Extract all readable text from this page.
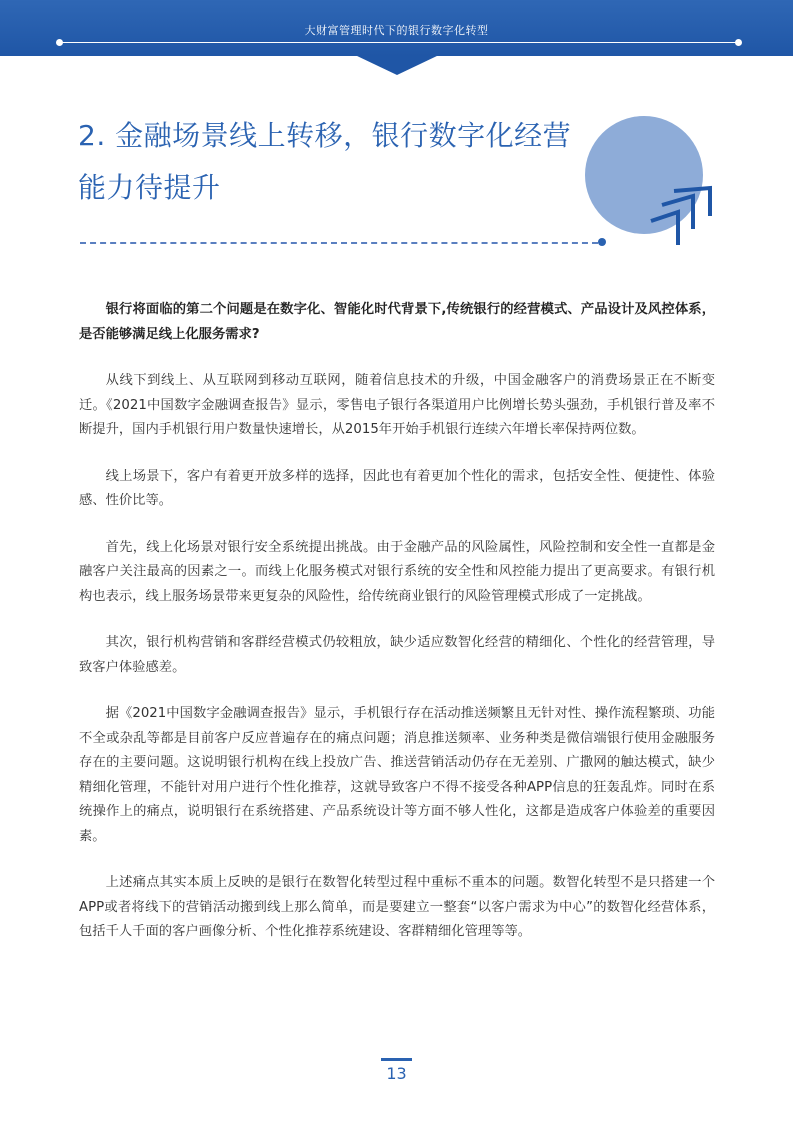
大财富管理时代下的银行数字化转型
2. 金融场景线上转移，银行数字化经营
能力待提升

银行将面临的第二个问题是在数字化、智能化时代背景下,传统银行的经营模式、产品设计及风控体系，是否能够满足线上化服务需求?

从线下到线上、从互联网到移动互联网，随着信息技术的升级，中国金融客户的消费场景正在不断变迁。《2021中国数字金融调查报告》显示，零售电子银行各渠道用户比例增长势头强劲，手机银行普及率不断提升，国内手机银行用户数量快速增长，从2015年开始手机银行连续六年增长率保持两位数。

线上场景下，客户有着更开放多样的选择，因此也有着更加个性化的需求，包括安全性、便捷性、体验感、性价比等。

首先，线上化场景对银行安全系统提出挑战。由于金融产品的风险属性，风险控制和安全性一直都是金融客户关注最高的因素之一。而线上化服务模式对银行系统的安全性和风控能力提出了更高要求。有银行机构也表示，线上服务场景带来更复杂的风险性，给传统商业银行的风险管理模式形成了一定挑战。

其次，银行机构营销和客群经营模式仍较粗放，缺少适应数智化经营的精细化、个性化的经营管理，导致客户体验感差。

据《2021中国数字金融调查报告》显示，手机银行存在活动推送频繁且无针对性、操作流程繁琐、功能不全或杂乱等都是目前客户反应普遍存在的痛点问题；消息推送频率、业务种类是微信端银行使用金融服务存在的主要问题。这说明银行机构在线上投放广告、推送营销活动仍存在无差别、广撒网的触达模式，缺少精细化管理，不能针对用户进行个性化推荐，这就导致客户不得不接受各种APP信息的狂轰乱炸。同时在系统操作上的痛点，说明银行在系统搭建、产品系统设计等方面不够人性化，这都是造成客户体验差的重要因素。

上述痛点其实本质上反映的是银行在数智化转型过程中重标不重本的问题。数智化转型不是只搭建一个APP或者将线下的营销活动搬到线上那么简单，而是要建立一整套“以客户需求为中心”的数智化经营体系，包括千人千面的客户画像分析、个性化推荐系统建设、客群精细化管理等等。

13
